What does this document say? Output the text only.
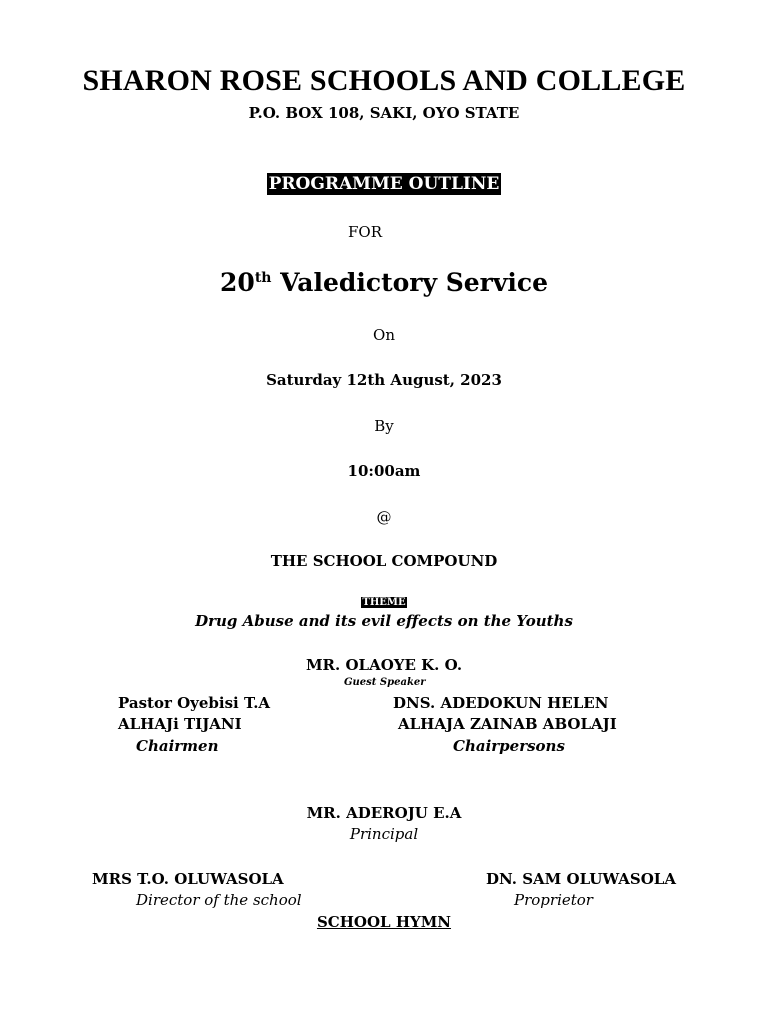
SHARON ROSE SCHOOLS AND COLLEGE
P.O. BOX 108, SAKI, OYO STATE
PROGRAMME OUTLINE
FOR
20th Valedictory Service
On
Saturday 12th August, 2023
By
10:00am
@
THE SCHOOL COMPOUND
THEME
Drug Abuse and its evil effects on the Youths
MR. OLAOYE K. O.
Guest Speaker
Pastor Oyebisi T.A
ALHAJi TIJANI
Chairmen
DNS. ADEDOKUN HELEN
ALHAJA ZAINAB ABOLAJI
Chairpersons
MR. ADEROJU E.A
Principal
MRS T.O. OLUWASOLA
Director of the school
DN. SAM OLUWASOLA
Proprietor
SCHOOL HYMN
